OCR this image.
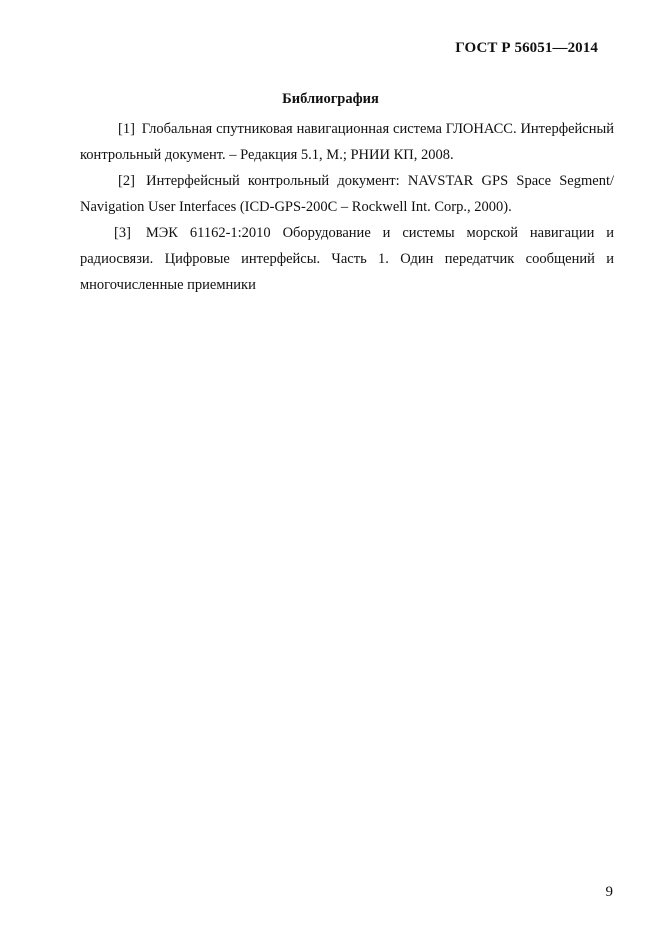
ГОСТ Р 56051—2014
Библиография

[1] Глобальная спутниковая навигационная система ГЛОНАСС. Интерфейсный контрольный документ. – Редакция 5.1, М.; РНИИ КП, 2008.

[2] Интерфейсный контрольный документ: NAVSTAR GPS Space Segment/ Navigation User Interfaces (ICD-GPS-200C – Rockwell Int. Corp., 2000).

[3] МЭК 61162-1:2010 Оборудование и системы морской навигации и радиосвязи. Цифровые интерфейсы. Часть 1. Один передатчик сообщений и многочисленные приемники

9
